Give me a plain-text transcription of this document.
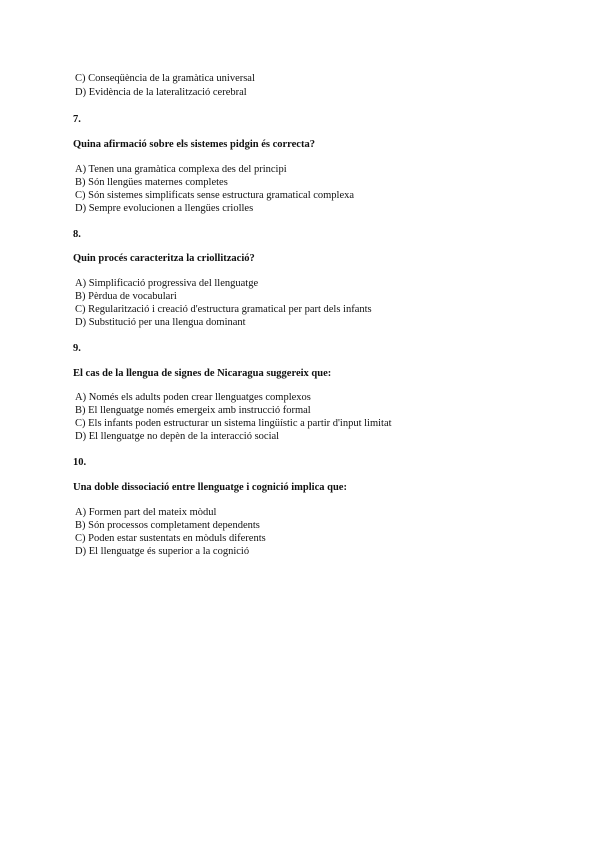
C) Conseqüència de la gramàtica universal
D) Evidència de la lateralització cerebral
7.
Quina afirmació sobre els sistemes pidgin és correcta?
A) Tenen una gramàtica complexa des del principi
B) Són llengües maternes completes
C) Són sistemes simplificats sense estructura gramatical complexa
D) Sempre evolucionen a llengües criolles
8.
Quin procés caracteritza la criollització?
A) Simplificació progressiva del llenguatge
B) Pèrdua de vocabulari
C) Regularització i creació d'estructura gramatical per part dels infants
D) Substitució per una llengua dominant
9.
El cas de la llengua de signes de Nicaragua suggereix que:
A) Només els adults poden crear llenguatges complexos
B) El llenguatge només emergeix amb instrucció formal
C) Els infants poden estructurar un sistema lingüístic a partir d'input limitat
D) El llenguatge no depèn de la interacció social
10.
Una doble dissociació entre llenguatge i cognició implica que:
A) Formen part del mateix mòdul
B) Són processos completament dependents
C) Poden estar sustentats en mòduls diferents
D) El llenguatge és superior a la cognició
